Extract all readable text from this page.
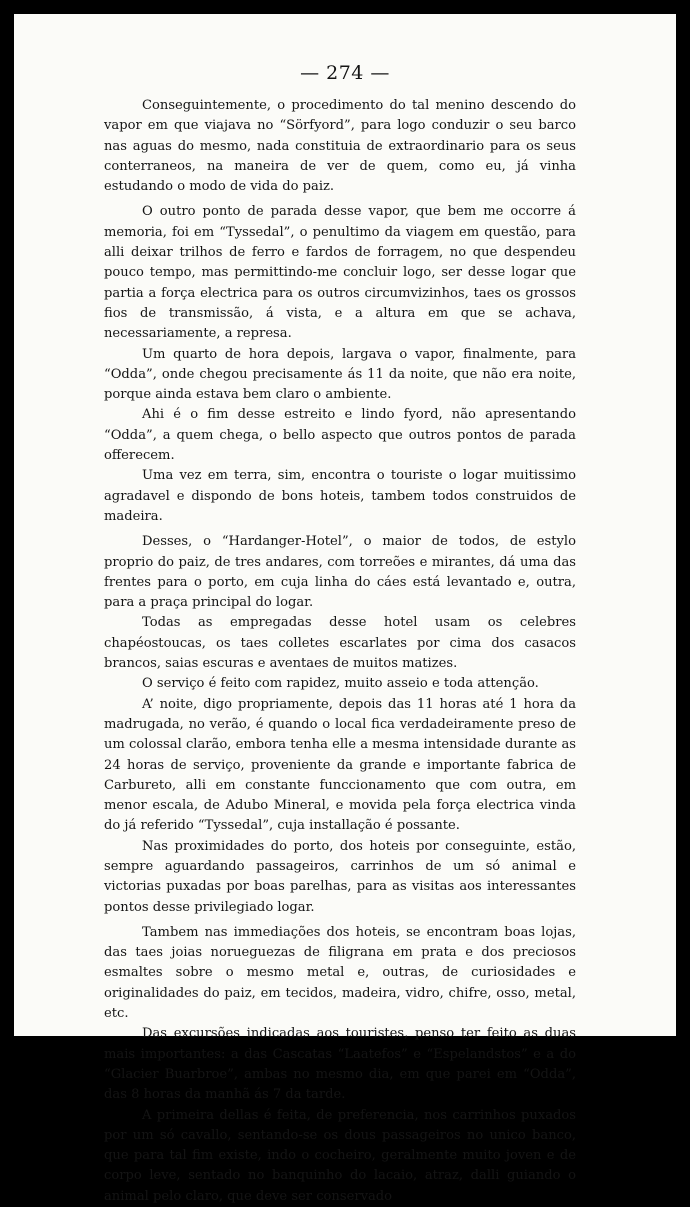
— 274 —

Conseguintemente, o procedimento do tal menino descendo do vapor em que viajava no “Sörfyord”, para logo conduzir o seu barco nas aguas do mesmo, nada constituia de extraordinario para os seus conterraneos, na maneira de ver de quem, como eu, já vinha estudando o modo de vida do paiz.

O outro ponto de parada desse vapor, que bem me occorre á memoria, foi em “Tyssedal”, o penultimo da viagem em questão, para alli deixar trilhos de ferro e fardos de forragem, no que despendeu pouco tempo, mas permittindo-me concluir logo, ser desse logar que partia a força electrica para os outros circumvizinhos, taes os grossos fios de transmissão, á vista, e a altura em que se achava, necessariamente, a represa.

Um quarto de hora depois, largava o vapor, finalmente, para “Odda”, onde chegou precisamente ás 11 da noite, que não era noite, porque ainda estava bem claro o ambiente.

Ahi é o fim desse estreito e lindo fyord, não apresentando “Odda”, a quem chega, o bello aspecto que outros pontos de parada offerecem.

Uma vez em terra, sim, encontra o touriste o logar muitissimo agradavel e dispondo de bons hoteis, tambem todos construidos de madeira.

Desses, o “Hardanger-Hotel”, o maior de todos, de estylo proprio do paiz, de tres andares, com torreões e mirantes, dá uma das frentes para o porto, em cuja linha do cáes está levantado e, outra, para a praça principal do logar.

Todas as empregadas desse hotel usam os celebres chapéostoucas, os taes colletes escarlates por cima dos casacos brancos, saias escuras e aventaes de muitos matizes.

O serviço é feito com rapidez, muito asseio e toda attenção.

A’ noite, digo propriamente, depois das 11 horas até 1 hora da madrugada, no verão, é quando o local fica verdadeiramente preso de um colossal clarão, embora tenha elle a mesma intensidade durante as 24 horas de serviço, proveniente da grande e importante fabrica de Carbureto, alli em constante funccionamento que com outra, em menor escala, de Adubo Mineral, e movida pela força electrica vinda do já referido “Tyssedal”, cuja installação é possante.

Nas proximidades do porto, dos hoteis por conseguinte, estão, sempre aguardando passageiros, carrinhos de um só animal e victorias puxadas por boas parelhas, para as visitas aos interessantes pontos desse privilegiado logar.

Tambem nas immediações dos hoteis, se encontram boas lojas, das taes joias norueguezas de filigrana em prata e dos preciosos esmaltes sobre o mesmo metal e, outras, de curiosidades e originalidades do paiz, em tecidos, madeira, vidro, chifre, osso, metal, etc.

Das excursões indicadas aos touristes, penso ter feito as duas mais importantes: a das Cascatas “Laatefos” e “Espelandstos” e a do “Glacier Buarbroe”, ambas no mesmo dia, em que parei em “Odda”, das 8 horas da manhã ás 7 da tarde.

A primeira dellas é feita, de preferencia, nos carrinhos puxados por um só cavallo, sentando-se os dous passageiros no unico banco, que para tal fim existe, indo o cocheiro, geralmente muito joven e de corpo leve, sentado no banquinho do lacaio, atraz, dalli guiando o animal pelo claro, que deve ser conservado
